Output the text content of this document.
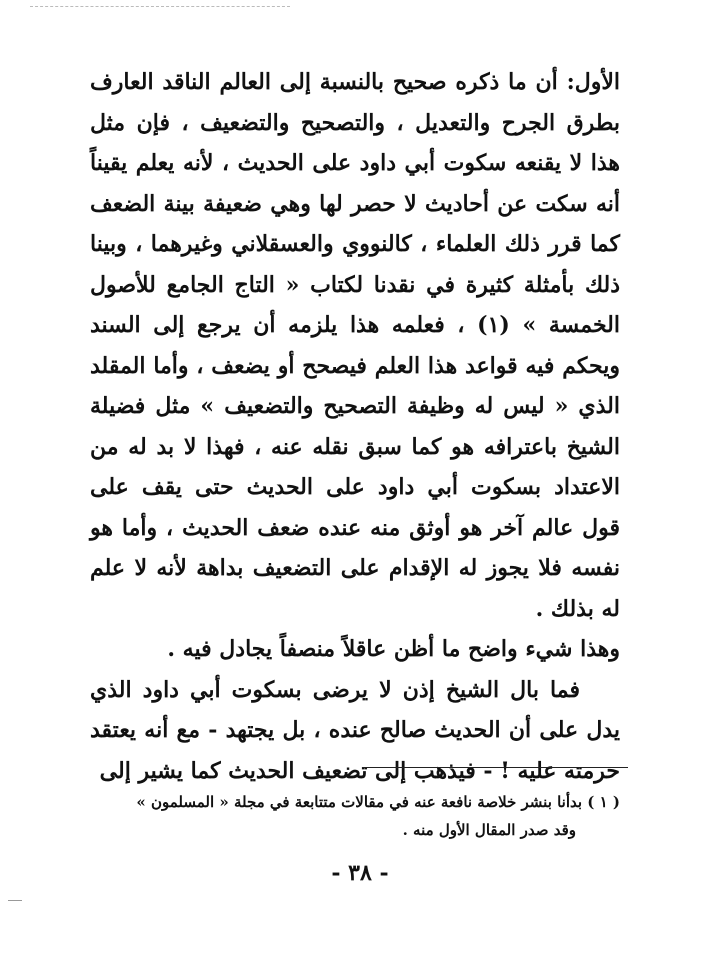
الأول: أن ما ذكره صحيح بالنسبة إلى العالم الناقد العارف بطرق الجرح والتعديل ، والتصحيح والتضعيف ، فإن مثل هذا لا يقنعه سكوت أبي داود على الحديث ، لأنه يعلم يقيناً أنه سكت عن أحاديث لا حصر لها وهي ضعيفة بينة الضعف كما قرر ذلك العلماء ، كالنووي والعسقلاني وغيرهما ، وبينا ذلك بأمثلة كثيرة في نقدنا لكتاب « التاج الجامع للأصول الخمسة » (١) ، فعلمه هذا يلزمه أن يرجع إلى السند ويحكم فيه قواعد هذا العلم فيصحح أو يضعف ، وأما المقلد الذي « ليس له وظيفة التصحيح والتضعيف » مثل فضيلة الشيخ باعترافه هو كما سبق نقله عنه ، فهذا لا بد له من الاعتداد بسكوت أبي داود على الحديث حتى يقف على قول عالم آخر هو أوثق منه عنده ضعف الحديث ، وأما هو نفسه فلا يجوز له الإقدام على التضعيف بداهة لأنه لا علم له بذلك .

وهذا شيء واضح ما أظن عاقلاً منصفاً يجادل فيه .

فما بال الشيخ إذن لا يرضى بسكوت أبي داود الذي يدل على أن الحديث صالح عنده ، بل يجتهد - مع أنه يعتقد حرمته عليه ! - فيذهب إلى تضعيف الحديث كما يشير إلى

( ١ ) بدأنا بنشر خلاصة نافعة عنه في مقالات متتابعة في مجلة « المسلمون »

وقد صدر المقال الأول منه .

- ٣٨ -
